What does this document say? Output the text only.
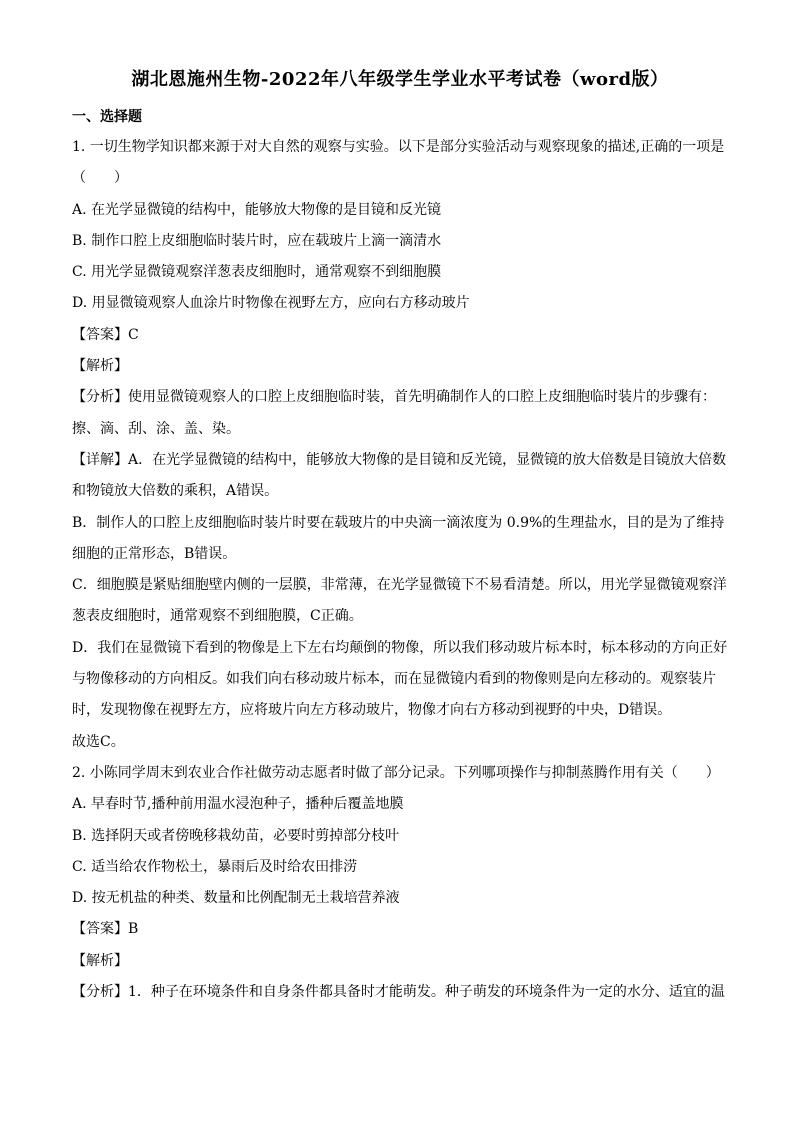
湖北恩施州生物-2022年八年级学生学业水平考试卷（word版）
一、选择题
1. 一切生物学知识都来源于对大自然的观察与实验。以下是部分实验活动与观察现象的描述,正确的一项是
（　　）
A. 在光学显微镜的结构中，能够放大物像的是目镜和反光镜
B. 制作口腔上皮细胞临时装片时，应在载玻片上滴一滴清水
C. 用光学显微镜观察洋葱表皮细胞时，通常观察不到细胞膜
D. 用显微镜观察人血涂片时物像在视野左方，应向右方移动玻片
【答案】C
【解析】
【分析】使用显微镜观察人的口腔上皮细胞临时装，首先明确制作人的口腔上皮细胞临时装片的步骤有：
擦、滴、刮、涂、盖、染。
【详解】A．在光学显微镜的结构中，能够放大物像的是目镜和反光镜，显微镜的放大倍数是目镜放大倍数
和物镜放大倍数的乘积，A错误。
B．制作人的口腔上皮细胞临时装片时要在载玻片的中央滴一滴浓度为 0.9%的生理盐水，目的是为了维持
细胞的正常形态，B错误。
C．细胞膜是紧贴细胞壁内侧的一层膜，非常薄，在光学显微镜下不易看清楚。所以，用光学显微镜观察洋
葱表皮细胞时，通常观察不到细胞膜，C正确。
D．我们在显微镜下看到的物像是上下左右均颠倒的物像，所以我们移动玻片标本时，标本移动的方向正好
与物像移动的方向相反。如我们向右移动玻片标本，而在显微镜内看到的物像则是向左移动的。观察装片
时，发现物像在视野左方，应将玻片向左方移动玻片，物像才向右方移动到视野的中央，D错误。
故选C。
2. 小陈同学周末到农业合作社做劳动志愿者时做了部分记录。下列哪项操作与抑制蒸腾作用有关（　　）
A. 早春时节,播种前用温水浸泡种子，播种后覆盖地膜
B. 选择阴天或者傍晚移栽幼苗，必要时剪掉部分枝叶
C. 适当给农作物松土，暴雨后及时给农田排涝
D. 按无机盐的种类、数量和比例配制无土栽培营养液
【答案】B
【解析】
【分析】1．种子在环境条件和自身条件都具备时才能萌发。种子萌发的环境条件为一定的水分、适宜的温
